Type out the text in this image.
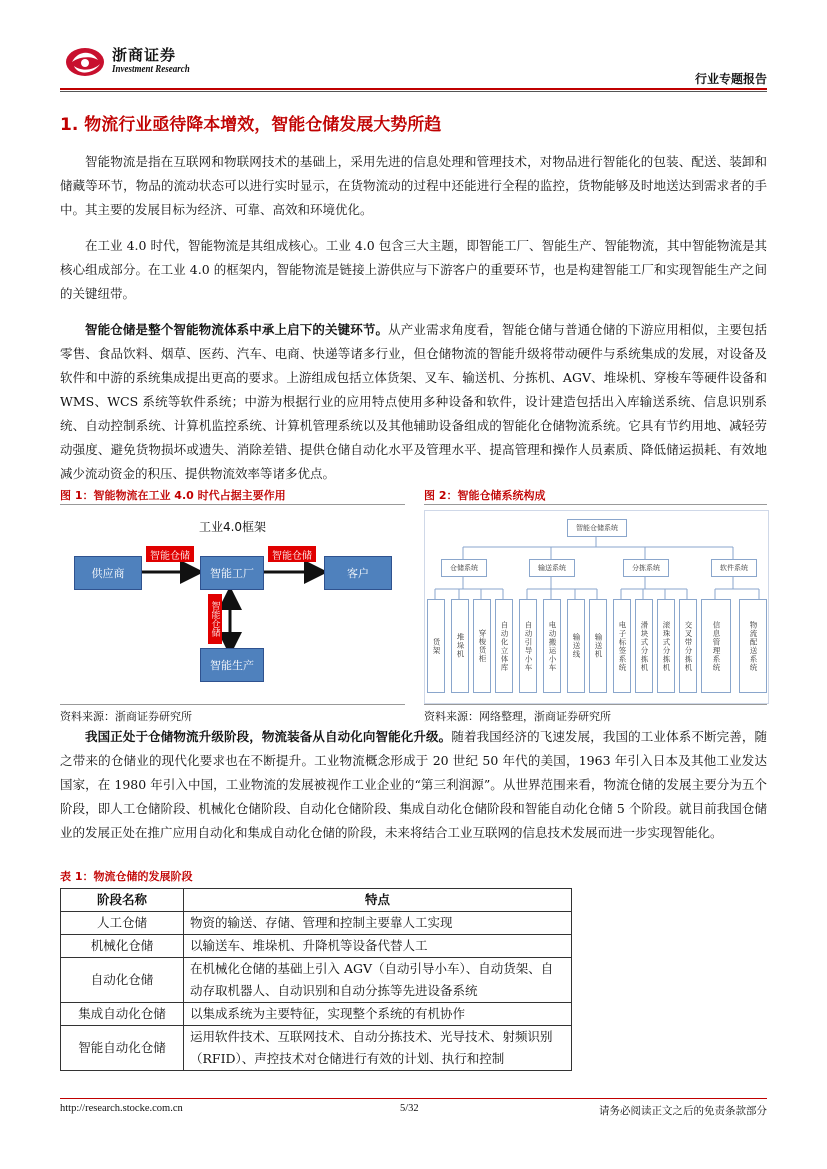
浙商证券
Investment Research
行业专题报告
1. 物流行业亟待降本增效，智能仓储发展大势所趋
智能物流是指在互联网和物联网技术的基础上，采用先进的信息处理和管理技术，对物品进行智能化的包装、配送、装卸和储藏等环节，物品的流动状态可以进行实时显示，在货物流动的过程中还能进行全程的监控，货物能够及时地送达到需求者的手中。其主要的发展目标为经济、可靠、高效和环境优化。
在工业 4.0 时代，智能物流是其组成核心。工业 4.0 包含三大主题，即智能工厂、智能生产、智能物流，其中智能物流是其核心组成部分。在工业 4.0 的框架内，智能物流是链接上游供应与下游客户的重要环节，也是构建智能工厂和实现智能生产之间的关键纽带。
智能仓储是整个智能物流体系中承上启下的关键环节。从产业需求角度看，智能仓储与普通仓储的下游应用相似，主要包括零售、食品饮料、烟草、医药、汽车、电商、快递等诸多行业，但仓储物流的智能升级将带动硬件与系统集成的发展，对设备及软件和中游的系统集成提出更高的要求。上游组成包括立体货架、叉车、输送机、分拣机、AGV、堆垛机、穿梭车等硬件设备和 WMS、WCS 系统等软件系统；中游为根据行业的应用特点使用多种设备和软件，设计建造包括出入库输送系统、信息识别系统、自动控制系统、计算机监控系统、计算机管理系统以及其他辅助设备组成的智能化仓储物流系统。它具有节约用地、减轻劳动强度、避免货物损坏或遗失、消除差错、提供仓储自动化水平及管理水平、提高管理和操作人员素质、降低储运损耗、有效地减少流动资金的积压、提供物流效率等诸多优点。
图 1：智能物流在工业 4.0 时代占据主要作用	图 2：智能仓储系统构成
工业4.0框架
供应商	智能工厂	客户
智能生产
智能仓储	智能仓储
智能仓储
智能仓储系统
仓储系统	输送系统	分拣系统	软件系统
货架	堆垛机	穿梭货柜	自动化立体库	自动引导小车	电动搬运小车	输送线	输送机	电子标签系统	滑块式分拣机	滚珠式分拣机	交叉带分拣机	信息管理系统	物流配送系统
资料来源：浙商证券研究所	资料来源：网络整理，浙商证券研究所
我国正处于仓储物流升级阶段，物流装备从自动化向智能化升级。随着我国经济的飞速发展，我国的工业体系不断完善，随之带来的仓储业的现代化要求也在不断提升。工业物流概念形成于 20 世纪 50 年代的美国，1963 年引入日本及其他工业发达国家，在 1980 年引入中国，工业物流的发展被视作工业企业的“第三利润源”。从世界范围来看，物流仓储的发展主要分为五个阶段，即人工仓储阶段、机械化仓储阶段、自动化仓储阶段、集成自动化仓储阶段和智能自动化仓储 5 个阶段。就目前我国仓储业的发展正处在推广应用自动化和集成自动化仓储的阶段，未来将结合工业互联网的信息技术发展而进一步实现智能化。
表 1：物流仓储的发展阶段
阶段名称	特点
人工仓储	物资的输送、存储、管理和控制主要靠人工实现
机械化仓储	以输送车、堆垛机、升降机等设备代替人工
自动化仓储	在机械化仓储的基础上引入 AGV（自动引导小车）、自动货架、自动存取机器人、自动识别和自动分拣等先进设备系统
集成自动化仓储	以集成系统为主要特征，实现整个系统的有机协作
智能自动化仓储	运用软件技术、互联网技术、自动分拣技术、光导技术、射频识别（RFID）、声控技术对仓储进行有效的计划、执行和控制
http://research.stocke.com.cn	5/32	请务必阅读正文之后的免责条款部分
